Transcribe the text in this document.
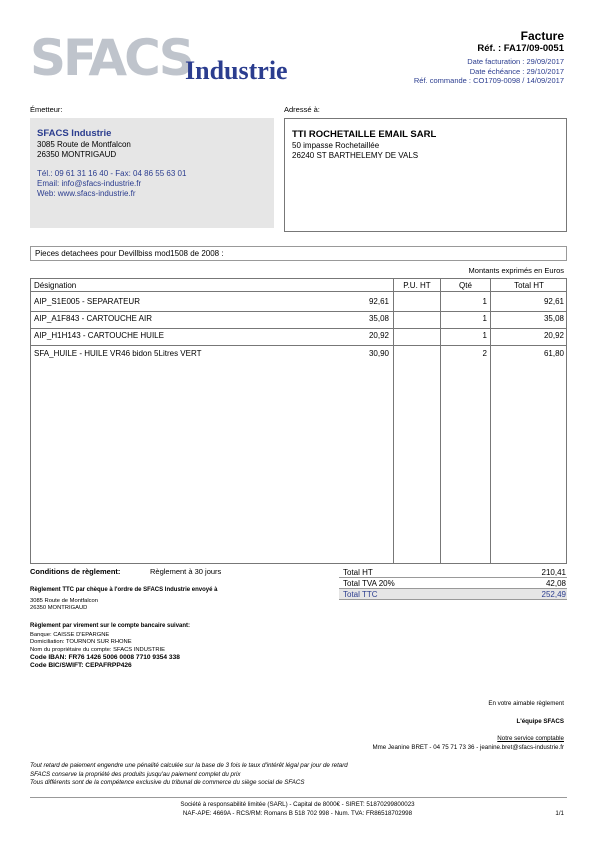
SFACS
Industrie
Facture
Réf. : FA17/09-0051
Date facturation : 29/09/2017
Date échéance : 29/10/2017
Réf. commande : CO1709-0098 / 14/09/2017
Émetteur:
SFACS Industrie
3085 Route de Montfalcon
26350 MONTRIGAUD
Tél.: 09 61 31 16 40 - Fax: 04 86 55 63 01
Email: info@sfacs-industrie.fr
Web: www.sfacs-industrie.fr
Adressé à:
TTI ROCHETAILLE EMAIL SARL
50 impasse Rochetaillée
26240 ST BARTHELEMY DE VALS
Pieces detachees pour Devillbiss mod1508 de 2008 :
Montants exprimés en Euros
Désignation	P.U. HT	Qté	Total HT
AIP_S1E005 - SEPARATEUR	92,61	1	92,61
AIP_A1F843 - CARTOUCHE AIR	35,08	1	35,08
AIP_H1H143 - CARTOUCHE HUILE	20,92	1	20,92
SFA_HUILE - HUILE VR46 bidon 5Litres VERT	30,90	2	61,80
Conditions de règlement:	Règlement à 30 jours
Règlement TTC par chèque à l'ordre de SFACS Industrie envoyé à
3085 Route de Montfalcon
26350 MONTRIGAUD
Règlement par virement sur le compte bancaire suivant:
Banque: CAISSE D'EPARGNE
Domiciliation: TOURNON SUR RHONE
Nom du propriétaire du compte: SFACS INDUSTRIE
Code IBAN: FR76 1426 5006 0008 7710 9354 338
Code BIC/SWIFT: CEPAFRPP426
Total HT	210,41
Total TVA 20%	42,08
Total TTC	252,49
En votre aimable règlement
L'équipe SFACS
Notre service comptable
Mme Jeanine BRET - 04 75 71 73 36 - jeanine.bret@sfacs-industrie.fr
Tout retard de paiement engendre une pénalité calculée sur la base de 3 fois le taux d'intérêt légal par jour de retard
SFACS conserve la propriété des produits jusqu'au paiement complet du prix
Tous différents sont de la compétence exclusive du tribunal de commerce du siège social de SFACS
Société à responsabilité limitée (SARL) - Capital de 8000€ - SIRET: 51870299800023
NAF-APE: 4669A - RCS/RM: Romans B 518 702 998 - Num. TVA: FR86518702998	1/1
